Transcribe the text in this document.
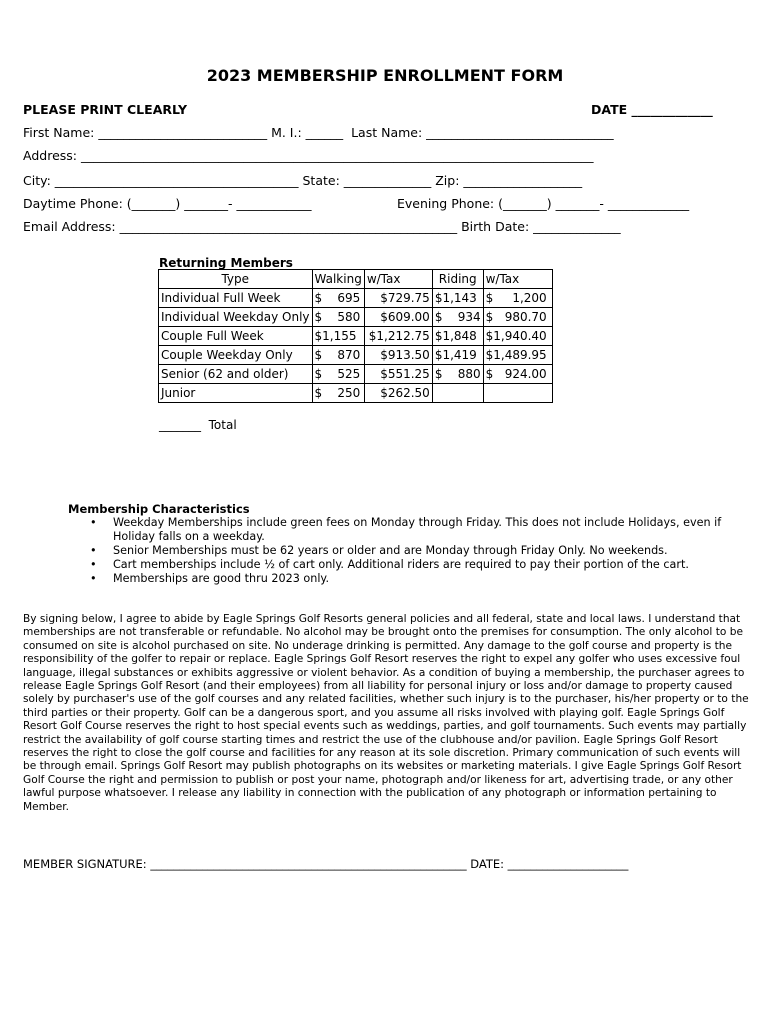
2023 MEMBERSHIP ENROLLMENT FORM
PLEASE PRINT CLEARLY	DATE _____________
First Name: ___________________________ M. I.: ______  Last Name: ______________________________
Address: __________________________________________________________________________________
City: _______________________________________ State: ______________ Zip: ___________________
Daytime Phone: (_______) _______- ____________	Evening Phone: (_______) _______- _____________
Email Address: ______________________________________________________ Birth Date: ______________
Returning Members
Type	Walking	w/Tax	Riding	w/Tax
Individual Full Week	$    695	$729.75	$1,143	$     1,200
Individual Weekday Only	$    580	$609.00	$    934	$   980.70
Couple Full Week	$1,155	$1,212.75	$1,848	$1,940.40
Couple Weekday Only	$    870	$913.50	$1,419	$1,489.95
Senior (62 and older)	$    525	$551.25	$    880	$   924.00
Junior	$    250	$262.50		
_______  Total
Membership Characteristics
• Weekday Memberships include green fees on Monday through Friday. This does not include Holidays, even if Holiday falls on a weekday.
• Senior Memberships must be 62 years or older and are Monday through Friday Only. No weekends.
• Cart memberships include ½ of cart only. Additional riders are required to pay their portion of the cart.
• Memberships are good thru 2023 only.
By signing below, I agree to abide by Eagle Springs Golf Resorts general policies and all federal, state and local laws. I understand that memberships are not transferable or refundable. No alcohol may be brought onto the premises for consumption. The only alcohol to be consumed on site is alcohol purchased on site. No underage drinking is permitted. Any damage to the golf course and property is the responsibility of the golfer to repair or replace. Eagle Springs Golf Resort reserves the right to expel any golfer who uses excessive foul language, illegal substances or exhibits aggressive or violent behavior. As a condition of buying a membership, the purchaser agrees to release Eagle Springs Golf Resort (and their employees) from all liability for personal injury or loss and/or damage to property caused solely by purchaser's use of the golf courses and any related facilities, whether such injury is to the purchaser, his/her property or to the third parties or their property. Golf can be a dangerous sport, and you assume all risks involved with playing golf. Eagle Springs Golf Resort Golf Course reserves the right to host special events such as weddings, parties, and golf tournaments. Such events may partially restrict the availability of golf course starting times and restrict the use of the clubhouse and/or pavilion. Eagle Springs Golf Resort reserves the right to close the golf course and facilities for any reason at its sole discretion. Primary communication of such events will be through email. Springs Golf Resort may publish photographs on its websites or marketing materials. I give Eagle Springs Golf Resort Golf Course the right and permission to publish or post your name, photograph and/or likeness for art, advertising trade, or any other lawful purpose whatsoever. I release any liability in connection with the publication of any photograph or information pertaining to Member.
MEMBER SIGNATURE: _______________________________________________________ DATE: _____________________
